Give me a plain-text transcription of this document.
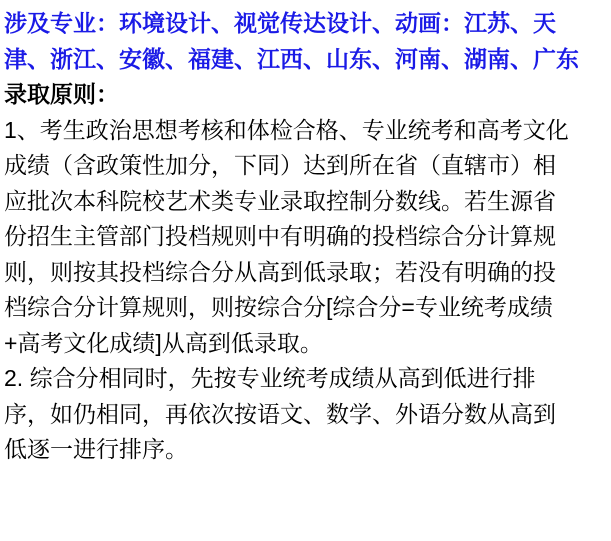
涉及专业：环境设计、视觉传达设计、动画：江苏、天
津、浙江、安徽、福建、江西、山东、河南、湖南、广东
录取原则：
1、考生政治思想考核和体检合格、专业统考和高考文化
成绩（含政策性加分，下同）达到所在省（直辖市）相
应批次本科院校艺术类专业录取控制分数线。若生源省
份招生主管部门投档规则中有明确的投档综合分计算规
则，则按其投档综合分从高到低录取；若没有明确的投
档综合分计算规则，则按综合分[综合分=专业统考成绩
+高考文化成绩]从高到低录取。
2. 综合分相同时，先按专业统考成绩从高到低进行排
序，如仍相同，再依次按语文、数学、外语分数从高到
低逐一进行排序。
